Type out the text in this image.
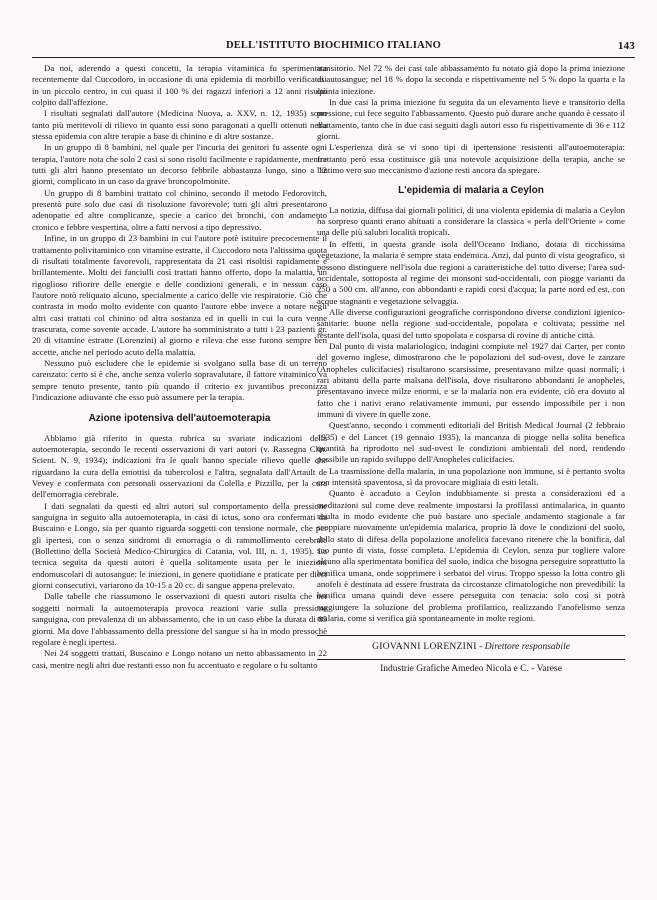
DELL'ISTITUTO BIOCHIMICO ITALIANO	143

Da noi, aderendo a questi concetti, la terapia vitaminica fu sperimentata recentemente dal Cuccodoro, in occasione di una epidemia di morbillo verificatasi in un piccolo centro, in cui quasi il 100 % dei ragazzi inferiori a 12 anni risultò colpito dall'affezione.

I risultati segnalati dall'autore (Medicina Nuova, a. XXV, n. 12, 1935) sono tanto più meritevoli di rilievo in quanto essi sono paragonati a quelli ottenuti nella stessa epidemia con altre terapie a base di chinino e di altre sostanze.

In un gruppo di 8 bambini, nel quale per l'incuria dei genitori fu assente ogni terapia, l'autore nota che solo 2 casi si sono risolti facilmente e rapidamente, mentre tutti gli altri hanno presentato un decorso febbrile abbastanza lungo, sino a 12 giorni, complicato in un caso da grave broncopolmonite.

Un gruppo di 8 bambini trattato col chinino, secondo il metodo Fedorovitch, presentò pure solo due casi di risoluzione favorevole; tutti gli altri presentarono adenopatie ed altre complicanze, specie a carico dei bronchi, con andamento cronico e febbre vespertina, oltre a fatti nervosi a tipo depressivo.

Infine, in un gruppo di 23 bambini in cui l'autore potè istituire precocemente il trattamento polivitaminico con vitamine estratte, il Cuccodoro nota l'altissima quota di risultati totalmente favorevoli, rappresentata da 21 casi risoltisi rapidamente e brillantemente. Molti dei fanciulli così trattati hanno offerto, dopo la malattia, un rigoglioso rifiorire delle energie e delle condizioni generali, e in nessun caso l'autore notò reliquato alcuno, specialmente a carico delle vie respiratorie. Ciò che contrasta in modo molto evidente con quanto l'autore ebbe invece a notare negli altri casi trattati col chinino od altra sostanza ed in quelli in cui la cura venne trascurata, come sovente accade. L'autore ha somministrato a tutti i 23 pazienti gr. 20 di vitamine estratte (Lorenzini) al giorno e rileva che esse furono sempre ben accette, anche nel periodo acuto della malattia.

Nessuno può escludere che le epidemie si svolgano sulla base di un terreno carenzato: certo si è che, anche senza volerlo sopravalutare, il fattore vitaminico va sempre tenuto presente, tanto più quando il criterio ex juvantibus preconizza l'indicazione adiuvante che esso può assumere per la terapia.

Azione ipotensiva dell'autoemoterapia

Abbiamo già riferito in questa rubrica su svariate indicazioni della autoemoterapia, secondo le recenti osservazioni di vari autori (v. Rassegna Clin. Scient. N. 9, 1934); indicazioni fra le quali hanno speciale rilievo quelle che riguardano la cura della emottisi da tubercolosi e l'altra, segnalata dall'Artault de Vevey e confermata con personali osservazioni da Colella e Pizzillo, per la cura dell'emorragia cerebrale.

I dati segnalati da questi ed altri autori sul comportamento della pressione sanguigna in seguito alla autoemoterapia, in casi di ictus, sono ora confermati da Buscaino e Longo, sia per quanto riguarda soggetti con tensione normale, che per gli ipertesi, con o senza sindromi di emorragia o di rammollimento cerebrale (Bollettino della Società Medico-Chirurgica di Catania, vol. III, n. 1, 1935). La tecnica seguita da questi autori è quella solitamente usata per le iniezioni endomuscolari di autosangue: le iniezioni, in genere quotidiane e praticate per dieci giorni consecutivi, variarono da 10-15 a 20 cc. di sangue appena prelevato.

Dalle tabelle che riassumono le osservazioni di questi autori risulta che nei soggetti normali la autoemoterapia provoca reazioni varie sulla pressione sanguigna, con prevalenza di un abbassamento, che in un caso ebbe la durata di 85 giorni. Ma dove l'abbassamento della pressione del sangue si ha in modo pressochè regolare è negli ipertesi.

Nei 24 soggetti trattati, Buscaino e Longo notano un netto abbassamento in 22 casi, mentre negli altri due restanti esso non fu accentuato e regolare o fu soltanto

transitorio. Nel 72 % dei casi tale abbassamento fu notato già dopo la prima iniezione di autosangue; nel 18 % dopo la seconda e rispettivamente nel 5 % dopo la quarta e la quinta iniezione.

In due casi la prima iniezione fu seguita da un elevamento lieve e transitorio della pressione, cui fece seguito l'abbassamento. Questo può durare anche quando è cessato il trattamento, tanto che in due casi seguiti dagli autori esso fu rispettivamente di 36 e 112 giorni.

L'esperienza dirà se vi sono tipi di ipertensione resistenti all'autoemoterapia: frattanto però essa costituisce già una notevole acquisizione della terapia, anche se l'intimo vero suo meccanismo d'azione resti ancora da spiegare.

L'epidemia di malaria a Ceylon

La notizia, diffusa dai giornali politici, di una violenta epidemia di malaria a Ceylon ha sorpreso quanti erano abituati a considerare la classica « perla dell'Oriente » come una delle più salubri località tropicali.

In effetti, in questa grande isola dell'Oceano Indiano, dotata di ricchissima vegetazione, la malaria è sempre stata endemica. Anzi, dal punto di vista geografico, si possono distinguere nell'isola due regioni a caratteristiche del tutto diverse; l'area sud-occidentale, sottoposta al regime dei monsoni sud-occidentali, con piogge varianti da 250 a 500 cm. all'anno, con abbondanti e rapidi corsi d'acqua; la parte nord ed est, con acque stagnanti e vegetazione selvaggia.

Alle diverse configurazioni geografiche corrispondono diverse condizioni igienico-sanitarie: buone nella regione sud-occidentale, popolata e coltivata; pessime nel restante dell'isola, quasi del tutto spopolata e cosparsa di rovine di antiche città.

Dal punto di vista malariologico, indagini compiute nel 1927 dai Carter, per conto del governo inglese, dimostrarono che le popolazioni del sud-ovest, dove le zanzare (Anopheles culicifacies) risultarono scarsissime, presentavano milze quasi normali; i rari abitanti della parte malsana dell'isola, dove risultarono abbondanti le anopheles, presentavano invece milze enormi, e se la malaria non era evidente, ciò era dovuto al fatto che i nativi erano relativamente immuni, pur essendo impossibile per i non immuni di vivere in quelle zone.

Quest'anno, secondo i commenti editoriali del British Medical Journal (2 febbraio 1935) e del Lancet (19 gennaio 1935), la mancanza di piogge nella solita benefica quantità ha riprodotto nel sud-ovest le condizioni ambientali del nord, rendendo possibile un rapido sviluppo dell'Anopheles culicifacies.

La trasmissione della malaria, in una popolazione non immune, si è pertanto svolta con intensità spaventosa, sì da provocare migliaia di esiti letali.

Quanto è accaduto a Ceylon indubbiamente si presta a considerazioni ed a meditazioni sul come deve realmente impostarsi la profilassi antimalarica, in quanto risulta in modo evidente che può bastare uno speciale andamento stagionale a far scoppiare nuovamente un'epidemia malarica, proprio là dove le condizioni del suolo, dello stato di difesa della popolazione anofelica facevano ritenere che la bonifica, dal suo punto di vista, fosse completa. L'epidemia di Ceylon, senza pur togliere valore alcuno alla sperimentata bonifica del suolo, indica che bisogna perseguire soprattutto la bonifica umana, onde sopprimere i serbatoi del virus. Troppo spesso la lotta contro gli anofeli è destinata ad essere frustrata da circostanze climatologiche non prevedibili: la bonifica umana quindi deve essere perseguita con tenacia: solo così si potrà raggiungere la soluzione del problema profilattico, realizzando l'anofelismo senza malaria, come si verifica già spontaneamente in molte regioni.

GIOVANNI LORENZINI - Direttore responsabile
Industrie Grafiche Amedeo Nicola e C. - Varese
